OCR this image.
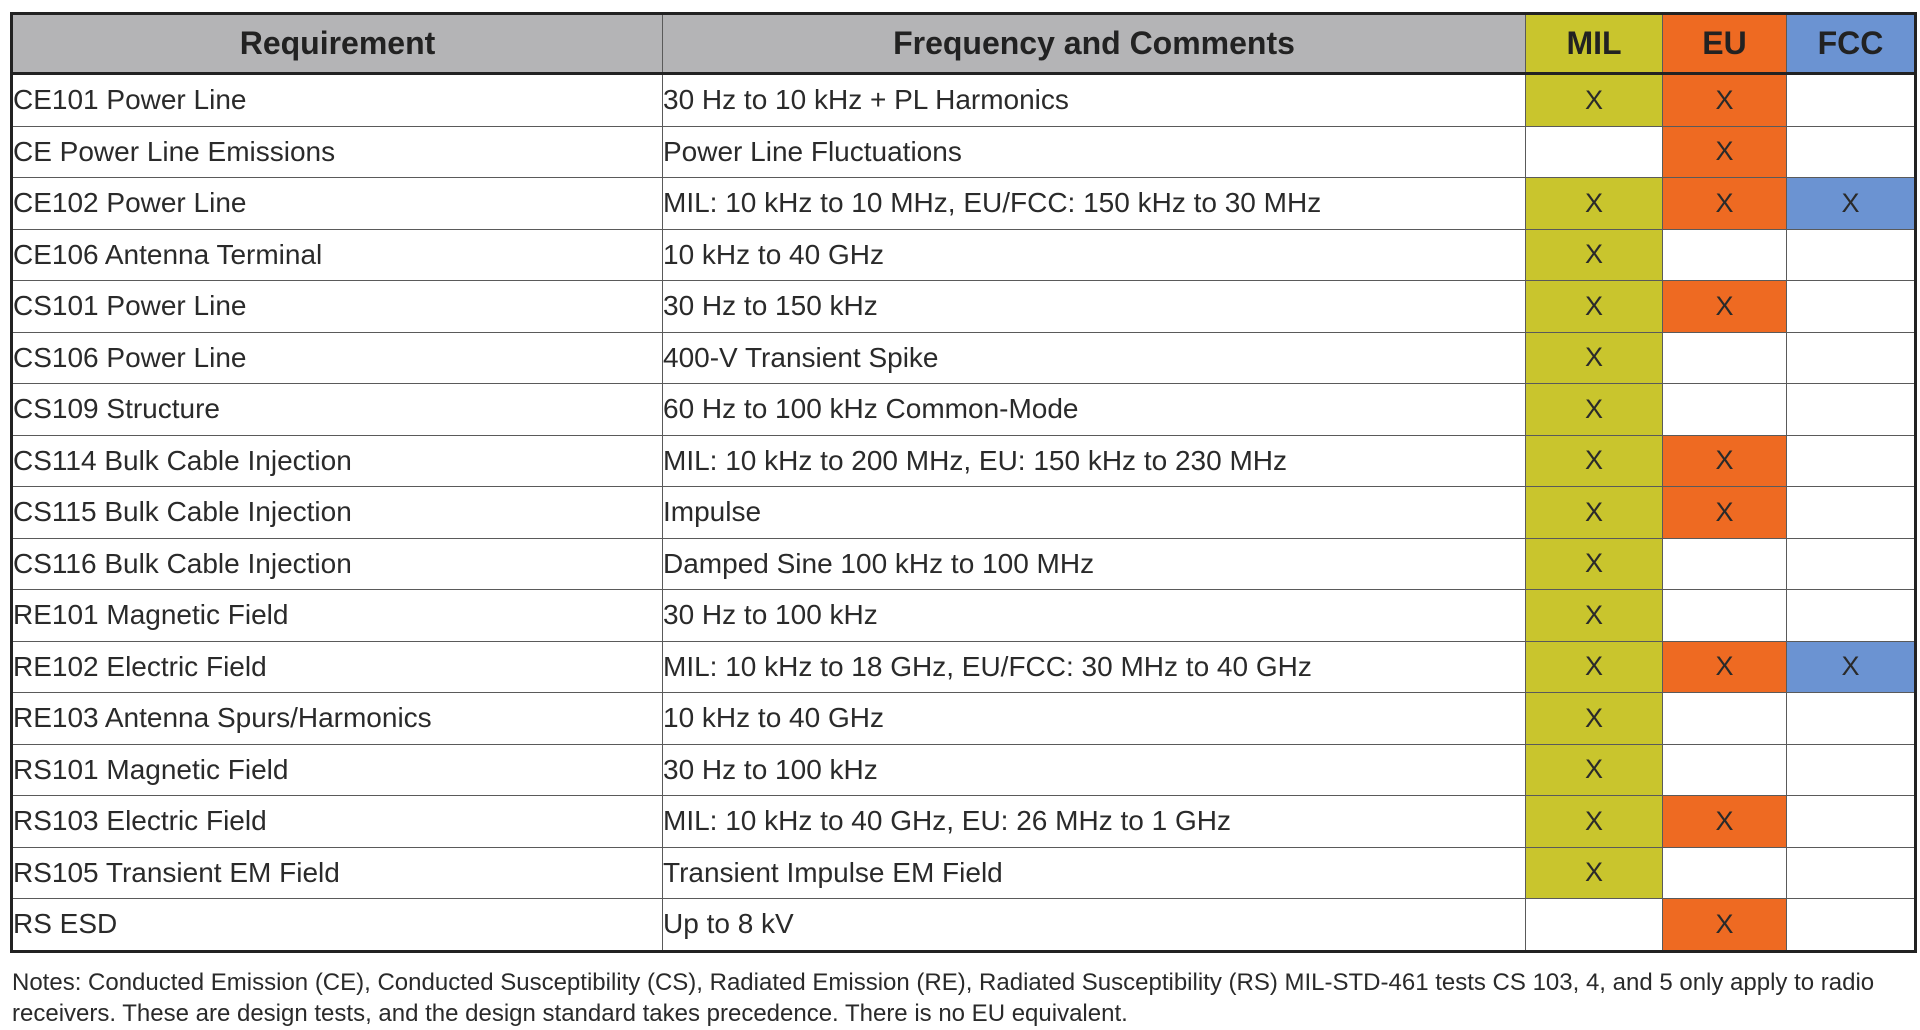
Requirement	Frequency and Comments	MIL	EU	FCC
CE101 Power Line	30 Hz to 10 kHz + PL Harmonics	X	X	
CE Power Line Emissions	Power Line Fluctuations		X	
CE102 Power Line	MIL: 10 kHz to 10 MHz, EU/FCC: 150 kHz to 30 MHz	X	X	X
CE106 Antenna Terminal	10 kHz to 40 GHz	X		
CS101 Power Line	30 Hz to 150 kHz	X	X	
CS106 Power Line	400-V Transient Spike	X		
CS109 Structure	60 Hz to 100 kHz Common-Mode	X		
CS114 Bulk Cable Injection	MIL: 10 kHz to 200 MHz, EU: 150 kHz to 230 MHz	X	X	
CS115 Bulk Cable Injection	Impulse	X	X	
CS116 Bulk Cable Injection	Damped Sine 100 kHz to 100 MHz	X		
RE101 Magnetic Field	30 Hz to 100 kHz	X		
RE102 Electric Field	MIL: 10 kHz to 18 GHz, EU/FCC: 30 MHz to 40 GHz	X	X	X
RE103 Antenna Spurs/Harmonics	10 kHz to 40 GHz	X		
RS101 Magnetic Field	30 Hz to 100 kHz	X		
RS103 Electric Field	MIL: 10 kHz to 40 GHz, EU: 26 MHz to 1 GHz	X	X	
RS105 Transient EM Field	Transient Impulse EM Field	X		
RS ESD	Up to 8 kV		X	
Notes: Conducted Emission (CE), Conducted Susceptibility (CS), Radiated Emission (RE), Radiated Susceptibility (RS) MIL-STD-461 tests CS 103, 4, and 5 only apply to radio receivers. These are design tests, and the design standard takes precedence. There is no EU equivalent.
